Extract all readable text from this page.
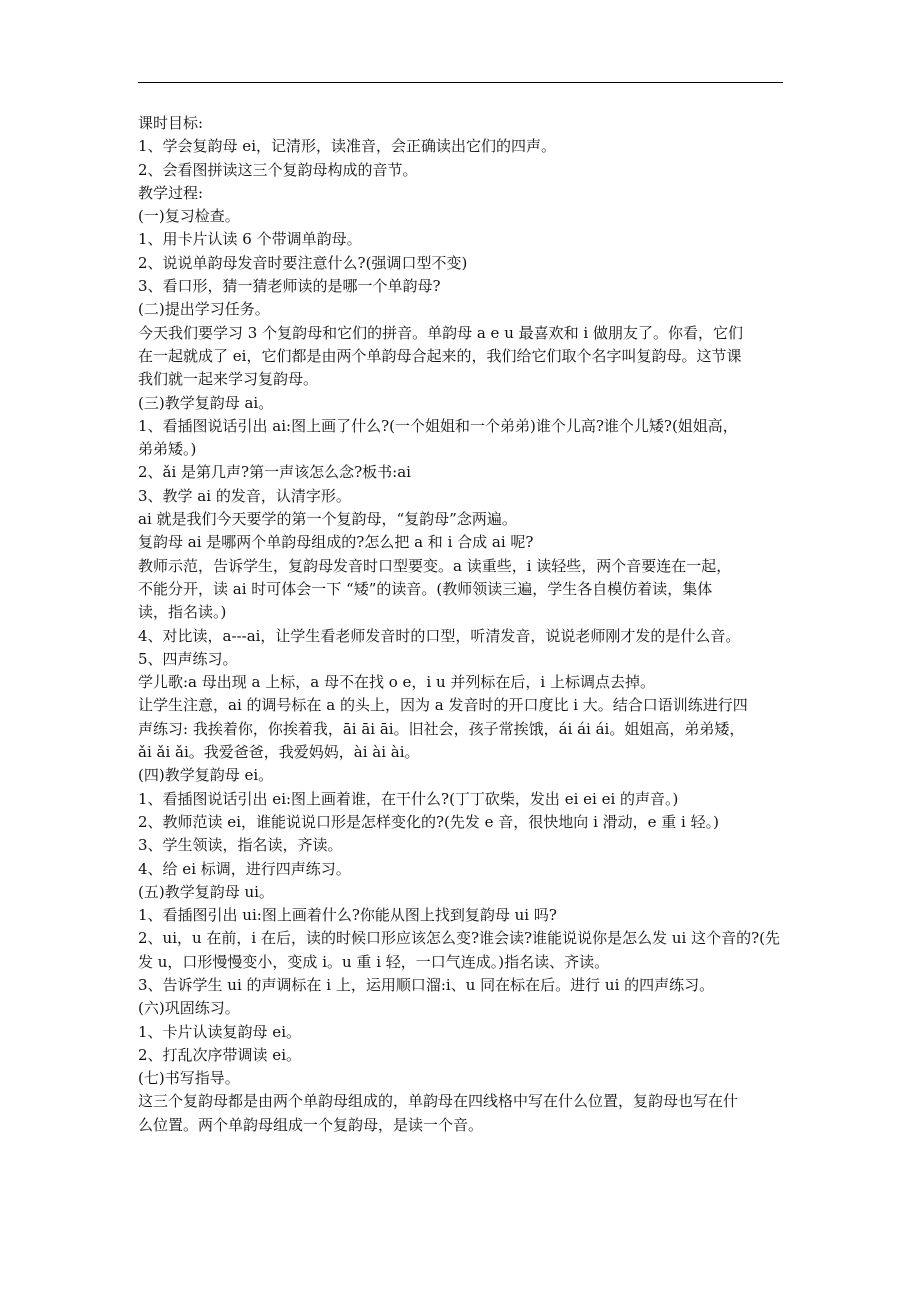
课时目标:
1、学会复韵母 ei，记清形，读准音，会正确读出它们的四声。
2、会看图拼读这三个复韵母构成的音节。
教学过程:
(一)复习检查。
1、用卡片认读 6 个带调单韵母。
2、说说单韵母发音时要注意什么?(强调口型不变)
3、看口形，猜一猜老师读的是哪一个单韵母?
(二)提出学习任务。
今天我们要学习 3 个复韵母和它们的拼音。单韵母 a e u 最喜欢和 i 做朋友了。你看，它们
在一起就成了 ei，它们都是由两个单韵母合起来的，我们给它们取个名字叫复韵母。这节课
我们就一起来学习复韵母。
(三)教学复韵母 ai。
1、看插图说话引出 ai:图上画了什么?(一个姐姐和一个弟弟)谁个儿高?谁个儿矮?(姐姐高，
弟弟矮。)
2、ǎi 是第几声?第一声该怎么念?板书:ai
3、教学 ai 的发音，认清字形。
ai 就是我们今天要学的第一个复韵母，“复韵母”念两遍。
复韵母 ai 是哪两个单韵母组成的?怎么把 a 和 i 合成 ai 呢?
教师示范，告诉学生，复韵母发音时口型要变。a 读重些，i 读轻些，两个音要连在一起，
不能分开，读 ai 时可体会一下 “矮”的读音。(教师领读三遍，学生各自模仿着读，集体
读，指名读。)
4、对比读，a---ai，让学生看老师发音时的口型，听清发音，说说老师刚才发的是什么音。
5、四声练习。
学儿歌:a 母出现 a 上标，a 母不在找 o e，i u 并列标在后，i 上标调点去掉。
让学生注意，ai 的调号标在 a 的头上，因为 a 发音时的开口度比 i 大。结合口语训练进行四
声练习: 我挨着你，你挨着我，āi āi āi。旧社会，孩子常挨饿，ái ái ái。姐姐高，弟弟矮，
ǎi ǎi ǎi。我爱爸爸，我爱妈妈，ài ài ài。
(四)教学复韵母 ei。
1、看插图说话引出 ei:图上画着谁，在干什么?(丁丁砍柴，发出 ei ei ei 的声音。)
2、教师范读 ei，谁能说说口形是怎样变化的?(先发 e 音，很快地向 i 滑动，e 重 i 轻。)
3、学生领读，指名读，齐读。
4、给 ei 标调，进行四声练习。
(五)教学复韵母 ui。
1、看插图引出 ui:图上画着什么?你能从图上找到复韵母 ui 吗?
2、ui，u 在前，i 在后，读的时候口形应该怎么变?谁会读?谁能说说你是怎么发 ui 这个音的?(先
发 u，口形慢慢变小，变成 i。u 重 i 轻，一口气连成。)指名读、齐读。
3、告诉学生 ui 的声调标在 i 上，运用顺口溜:i、u 同在标在后。进行 ui 的四声练习。
(六)巩固练习。
1、卡片认读复韵母 ei。
2、打乱次序带调读 ei。
(七)书写指导。
这三个复韵母都是由两个单韵母组成的，单韵母在四线格中写在什么位置，复韵母也写在什
么位置。两个单韵母组成一个复韵母，是读一个音。
